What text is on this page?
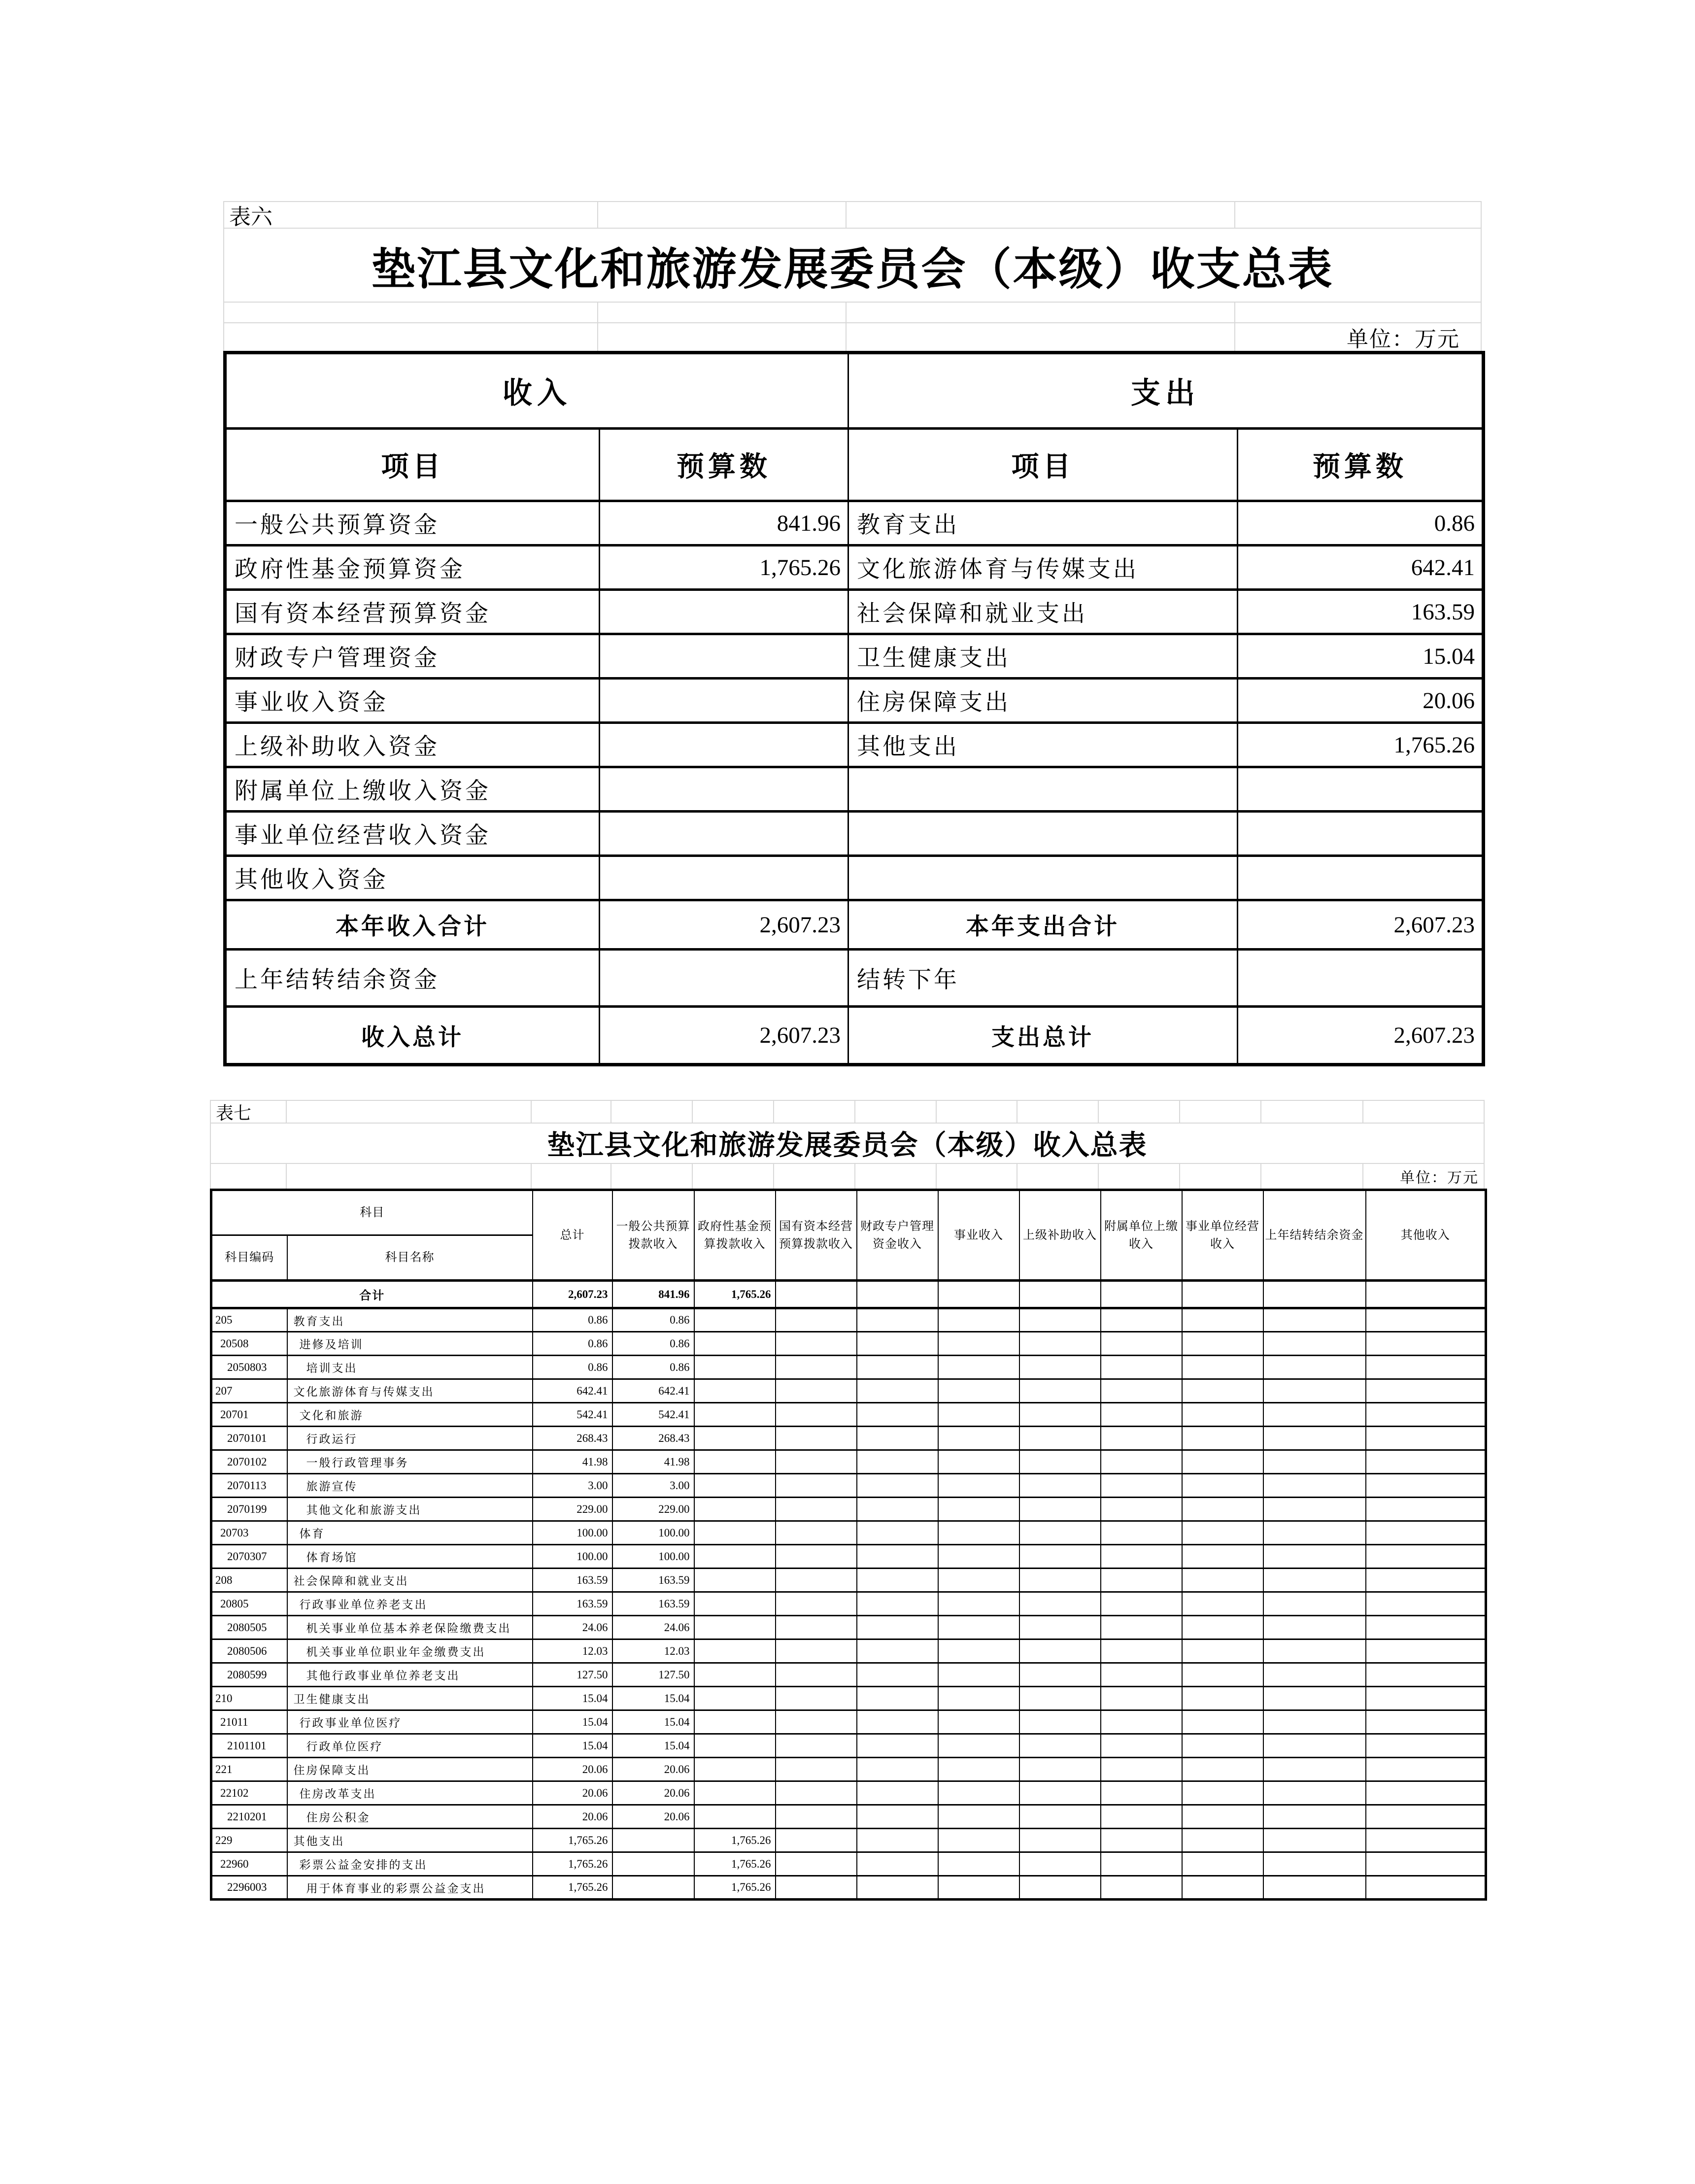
表六
垫江县文化和旅游发展委员会（本级）收支总表
单位：万元
收入		支出	
项目	预算数	项目	预算数
一般公共预算资金	841.96	教育支出	0.86
政府性基金预算资金	1,765.26	文化旅游体育与传媒支出	642.41
国有资本经营预算资金		社会保障和就业支出	163.59
财政专户管理资金		卫生健康支出	15.04
事业收入资金		住房保障支出	20.06
上级补助收入资金		其他支出	1,765.26
附属单位上缴收入资金			
事业单位经营收入资金			
其他收入资金			
本年收入合计	2,607.23	本年支出合计	2,607.23
上年结转结余资金		结转下年	
收入总计	2,607.23	支出总计	2,607.23
表七
垫江县文化和旅游发展委员会（本级）收入总表
单位：万元
科目		总计	一般公共预算拨款收入	政府性基金预算拨款收入	国有资本经营预算拨款收入	财政专户管理资金收入	事业收入	上级补助收入	附属单位上缴收入	事业单位经营收入	上年结转结余资金	其他收入
科目编码	科目名称											
合计		2,607.23	841.96	1,765.26								
205	教育支出	0.86	0.86									
20508	进修及培训	0.86	0.86									
2050803	培训支出	0.86	0.86									
207	文化旅游体育与传媒支出	642.41	642.41									
20701	文化和旅游	542.41	542.41									
2070101	行政运行	268.43	268.43									
2070102	一般行政管理事务	41.98	41.98									
2070113	旅游宣传	3.00	3.00									
2070199	其他文化和旅游支出	229.00	229.00									
20703	体育	100.00	100.00									
2070307	体育场馆	100.00	100.00									
208	社会保障和就业支出	163.59	163.59									
20805	行政事业单位养老支出	163.59	163.59									
2080505	机关事业单位基本养老保险缴费支出	24.06	24.06									
2080506	机关事业单位职业年金缴费支出	12.03	12.03									
2080599	其他行政事业单位养老支出	127.50	127.50									
210	卫生健康支出	15.04	15.04									
21011	行政事业单位医疗	15.04	15.04									
2101101	行政单位医疗	15.04	15.04									
221	住房保障支出	20.06	20.06									
22102	住房改革支出	20.06	20.06									
2210201	住房公积金	20.06	20.06									
229	其他支出	1,765.26		1,765.26								
22960	彩票公益金安排的支出	1,765.26		1,765.26								
2296003	用于体育事业的彩票公益金支出	1,765.26		1,765.26								
